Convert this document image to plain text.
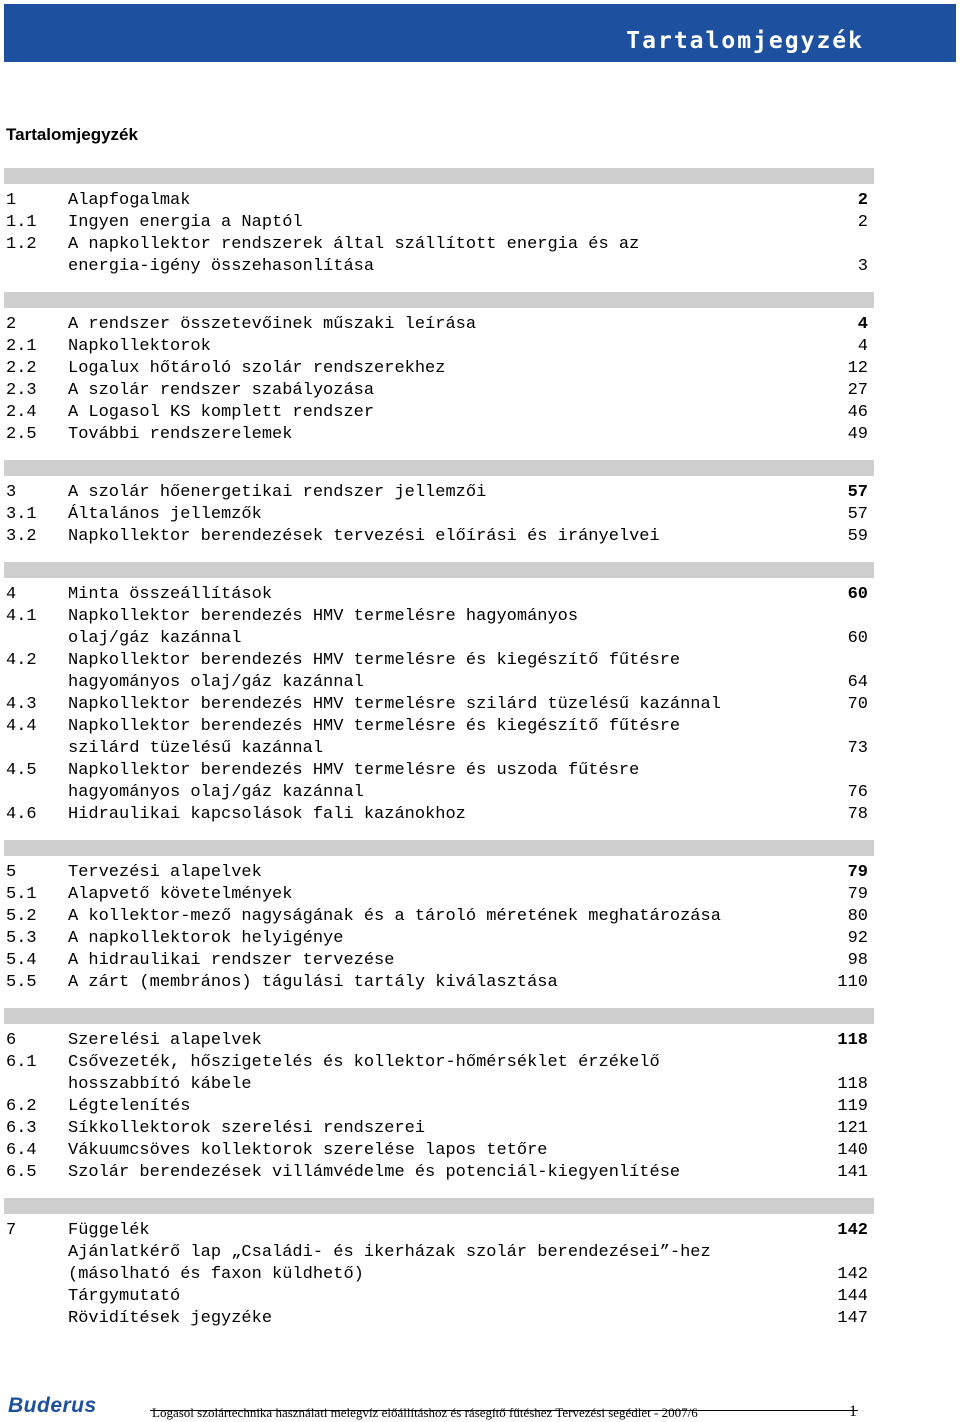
Tartalomjegyzék
Tartalomjegyzék
1	Alapfogalmak	2
1.1 Ingyen energia a Naptól	2
1.2 A napkollektor rendszerek által szállított energia és az
energia-igény összehasonlítása	3
2	A rendszer összetevőinek műszaki leírása	4
2.1 Napkollektorok	4
2.2 Logalux hőtároló szolár rendszerekhez	12
2.3 A szolár rendszer szabályozása	27
2.4 A Logasol KS komplett rendszer	46
2.5 További rendszerelemek	49
3	A szolár hőenergetikai rendszer jellemzői	57
3.1 Általános jellemzők	57
3.2 Napkollektor berendezések tervezési előírási és irányelvei	59
4	Minta összeállítások	60
4.1 Napkollektor berendezés HMV termelésre hagyományos
olaj/gáz kazánnal	60
4.2 Napkollektor berendezés HMV termelésre és kiegészítő fűtésre
hagyományos olaj/gáz kazánnal	64
4.3 Napkollektor berendezés HMV termelésre szilárd tüzelésű kazánnal	70
4.4 Napkollektor berendezés HMV termelésre és kiegészítő fűtésre
szilárd tüzelésű kazánnal	73
4.5 Napkollektor berendezés HMV termelésre és uszoda fűtésre
hagyományos olaj/gáz kazánnal	76
4.6 Hidraulikai kapcsolások fali kazánokhoz	78
5	Tervezési alapelvek	79
5.1 Alapvető követelmények	79
5.2 A kollektor-mező nagyságának és a tároló méretének meghatározása	80
5.3 A napkollektorok helyigénye	92
5.4 A hidraulikai rendszer tervezése	98
5.5 A zárt (membrános) tágulási tartály kiválasztása	110
6	Szerelési alapelvek	118
6.1 Csővezeték, hőszigetelés és kollektor-hőmérséklet érzékelő
hosszabbító kábele	118
6.2 Légtelenítés	119
6.3 Síkkollektorok szerelési rendszerei	121
6.4 Vákuumcsöves kollektorok szerelése lapos tetőre	140
6.5 Szolár berendezések villámvédelme és potenciál-kiegyenlítése	141
7	Függelék	142
Ajánlatkérő lap „Családi- és ikerházak szolár berendezései”-hez
(másolható és faxon küldhető)	142
Tárgymutató	144
Rövidítések jegyzéke	147
Buderus	Logasol szolártechnika használati melegvíz előállításhoz és rásegítő fűtéshez Tervezési segédlet - 2007/6	1
